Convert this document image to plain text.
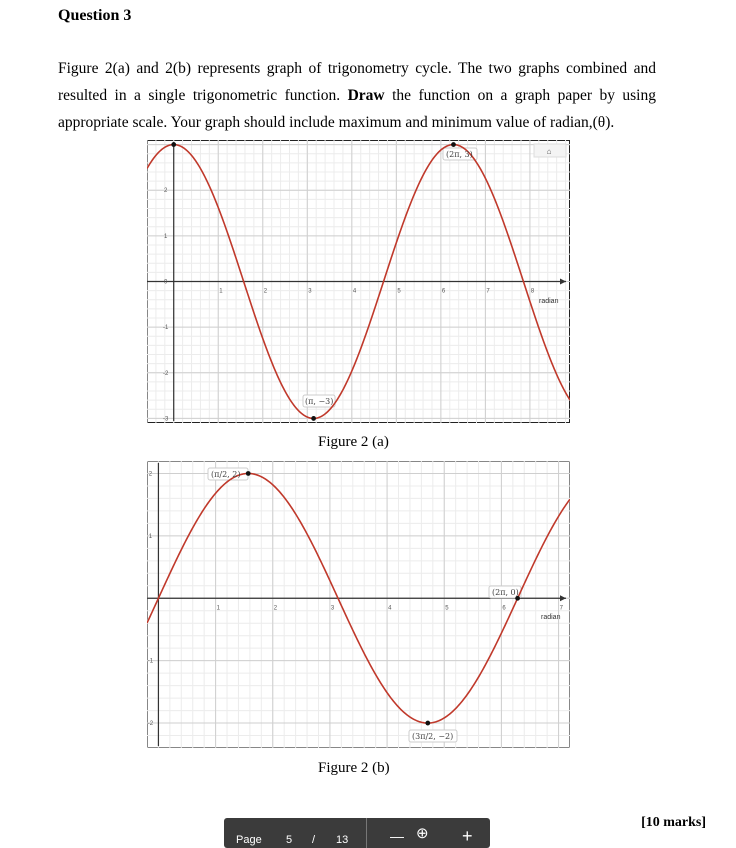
Question 3

Figure 2(a) and 2(b) represents graph of trigonometry cycle. The two graphs combined and resulted in a single trigonometric function. Draw the function on a graph paper by using appropriate scale. Your graph should include maximum and minimum value of radian,(θ).

1	2	3	4	5	6	7	8
-3
-2
-1
0
1
2
⌂
(2π, 3)
(π, −3)
radian
Figure 2 (a)
1	2	3	4	5	6	7
-2
-1
1
2	(π/2, 2)
(2π, 0)
(3π/2, −2)
radian
Figure 2 (b)
[10 marks]
Page 5 / 13	— ⊕ +
